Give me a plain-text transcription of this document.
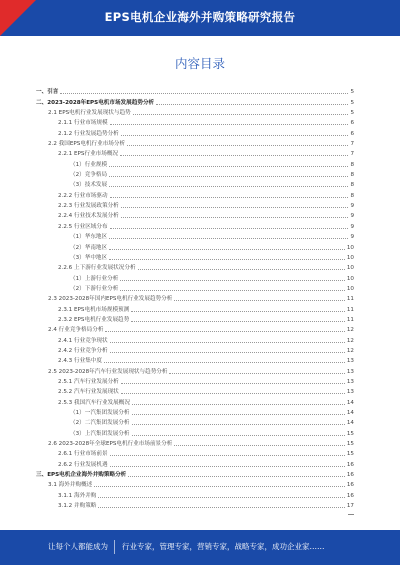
EPS电机企业海外并购策略研究报告
内容目录
一、引言	5
二、2023-2028年EPS电机市场发展趋势分析	5
2.1 EPS电机行业发展现状与趋势	5
2.1.1 行业市场规模	6
2.1.2 行业发展趋势分析	6
2.2 我国EPS电机行业市场分析	7
2.2.1 EPS行业市场概况	7
（1）行业规模	8
（2）竞争格局	8
（3）技术发展	8
2.2.2 行业市场驱动	8
2.2.3 行业发展政策分析	9
2.2.4 行业技术发展分析	9
2.2.5 行业区域分布	9
（1）华东地区	9
（2）华南地区	10
（3）华中地区	10
2.2.6 上下游行业发展状况分析	10
（1）上游行业分析	10
（2）下游行业分析	10
2.3 2023-2028年国内EPS电机行业发展趋势分析	11
2.3.1 EPS电机市场规模预测	11
2.3.2 EPS电机行业发展趋势	11
2.4 行业竞争格局分析	12
2.4.1 行业竞争现状	12
2.4.2 行业竞争分析	12
2.4.3 行业集中度	13
2.5 2023-2028年汽车行业发展现状与趋势分析	13
2.5.1 汽车行业发展分析	13
2.5.2 汽车行业发展现状	13
2.5.3 我国汽车行业发展概况	14
（1）一汽集团发展分析	14
（2）二汽集团发展分析	14
（3）上汽集团发展分析	15
2.6 2023-2028年全球EPS电机行业市场前景分析	15
2.6.1 行业市场前景	15
2.6.2 行业发展机遇	16
三、EPS电机企业海外并购策略分析	16
3.1 海外并购概述	16
3.1.1 海外并购	16
3.1.2 并购策略	17
让每个人都能成为 行业专家，管理专家，营销专家，战略专家，成功企业家……
